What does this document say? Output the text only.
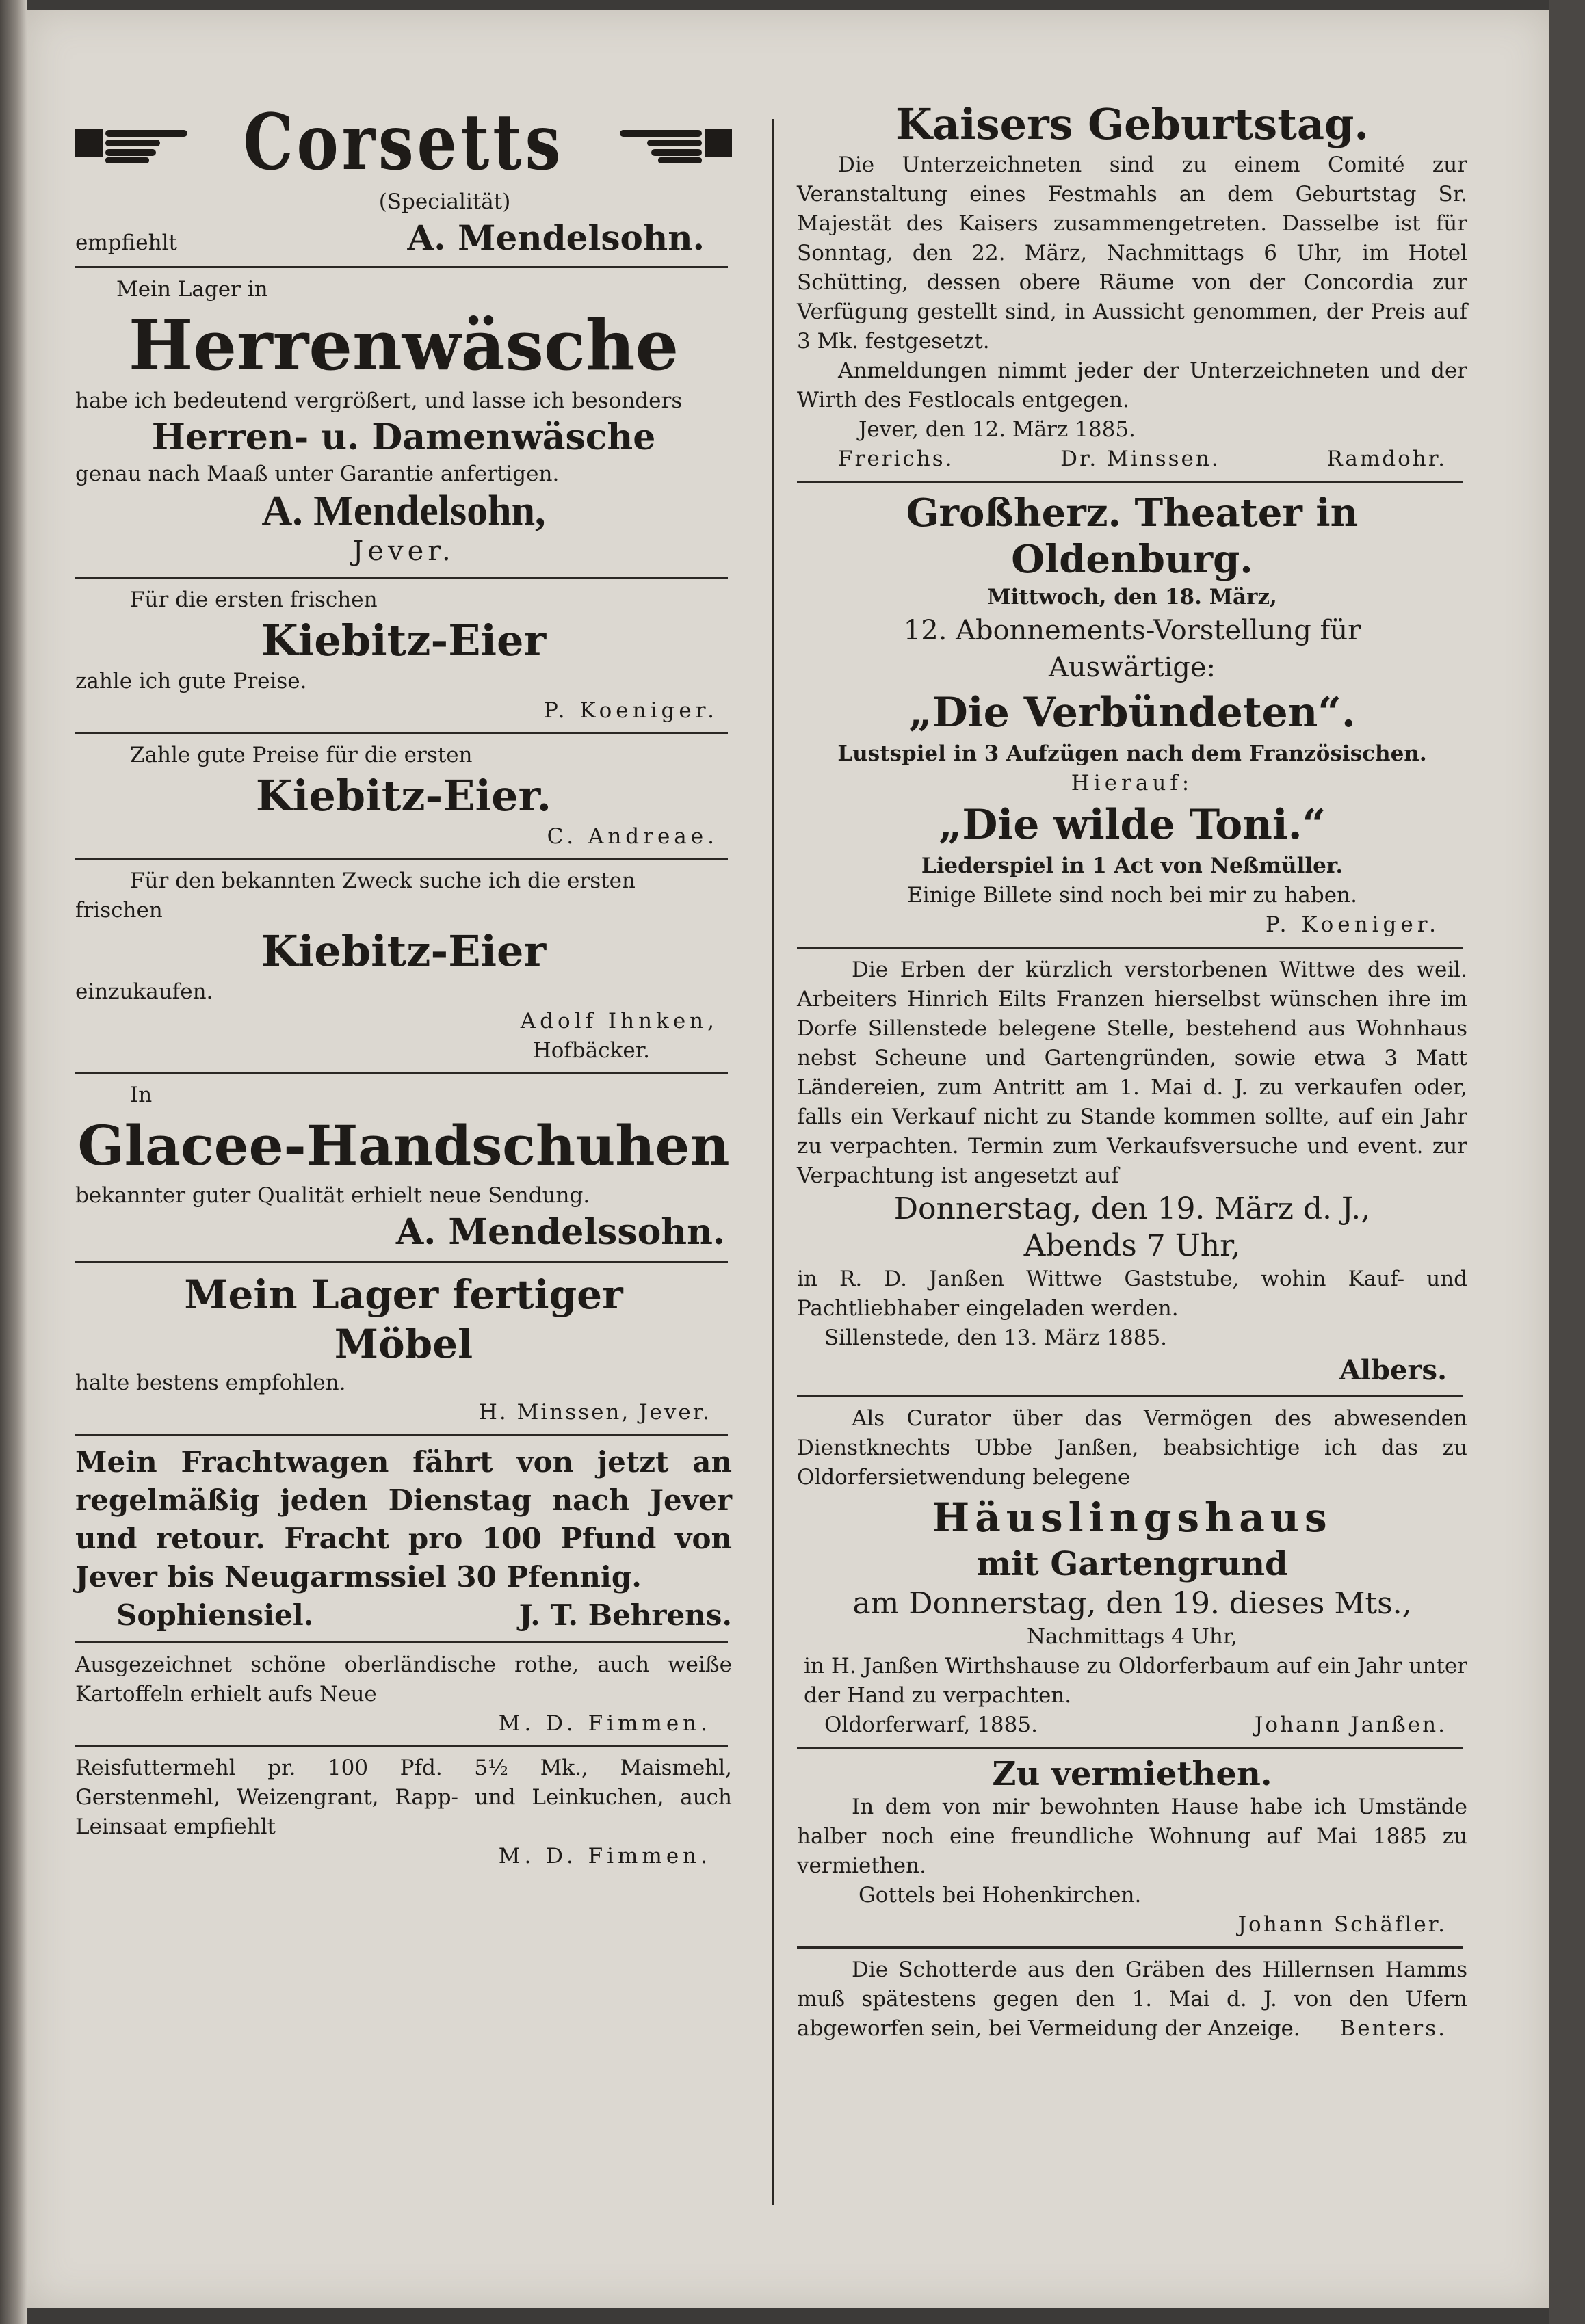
Corsetts

(Specialität)

empfiehlt	A. Mendelsohn.

Mein Lager in

Herrenwäsche

habe ich bedeutend vergrößert, und lasse ich besonders

Herren- u. Damenwäsche

genau nach Maaß unter Garantie anfertigen.

A. Mendelsohn,
Jever.

Für die ersten frischen

Kiebitz-Eier

zahle ich gute Preise.

P. Koeniger.

Zahle gute Preise für die ersten

Kiebitz-Eier.

C. Andreae.

Für den bekannten Zweck suche ich die ersten

frischen

Kiebitz-Eier

einzukaufen.

Adolf Ihnken,

Hofbäcker.

In

Glacee-Handschuhen

bekannter guter Qualität erhielt neue Sendung.

A. Mendelssohn.
Mein Lager fertiger
Möbel

halte bestens empfohlen.

H. Minssen, Jever.

Mein Frachtwagen fährt von jetzt an regelmäßig jeden Dienstag nach Jever und retour. Fracht pro 100 Pfund von Jever bis Neugarmssiel 30 Pfennig.

Sophiensiel.	J. T. Behrens.

Ausgezeichnet schöne oberländische rothe, auch weiße Kartoffeln erhielt aufs Neue

M. D. Fimmen.

Reisfuttermehl pr. 100 Pfd. 5½ Mk., Maismehl, Gerstenmehl, Weizengrant, Rapp- und Leinkuchen, auch Leinsaat empfiehlt

M. D. Fimmen.

Kaisers Geburtstag.

Die Unterzeichneten sind zu einem Comité zur Veranstaltung eines Festmahls an dem Geburtstag Sr. Majestät des Kaisers zusammengetreten. Dasselbe ist für Sonntag, den 22. März, Nachmittags 6 Uhr, im Hotel Schütting, dessen obere Räume von der Concordia zur Verfügung gestellt sind, in Aussicht genommen, der Preis auf 3 Mk. festgesetzt.

Anmeldungen nimmt jeder der Unterzeichneten und der Wirth des Festlocals entgegen.

Jever, den 12. März 1885.

Frerichs.	Dr. Minssen.	Ramdohr.
Großherz. Theater in Oldenburg.

Mittwoch, den 18. März,

12. Abonnements-Vorstellung für
Auswärtige:
„Die Verbündeten“.

Lustspiel in 3 Aufzügen nach dem Französischen.

Hierauf:

„Die wilde Toni.“

Liederspiel in 1 Act von Neßmüller.

Einige Billete sind noch bei mir zu haben.

P. Koeniger.

Die Erben der kürzlich verstorbenen Wittwe des weil. Arbeiters Hinrich Eilts Franzen hierselbst wünschen ihre im Dorfe Sillenstede belegene Stelle, bestehend aus Wohnhaus nebst Scheune und Gartengründen, sowie etwa 3 Matt Ländereien, zum Antritt am 1. Mai d. J. zu verkaufen oder, falls ein Verkauf nicht zu Stande kommen sollte, auf ein Jahr zu verpachten. Termin zum Verkaufsversuche und event. zur Verpachtung ist angesetzt auf

Donnerstag, den 19. März d. J.,
Abends 7 Uhr,

in R. D. Janßen Wittwe Gaststube, wohin Kauf- und Pachtliebhaber eingeladen werden.

Sillenstede, den 13. März 1885.

Albers.

Als Curator über das Vermögen des abwesenden Dienstknechts Ubbe Janßen, beabsichtige ich das zu Oldorfersietwendung belegene

Häuslingshaus
mit Gartengrund
am Donnerstag, den 19. dieses Mts.,

Nachmittags 4 Uhr,

in H. Janßen Wirthshause zu Oldorferbaum auf ein Jahr unter der Hand zu verpachten.

Oldorferwarf, 1885.	Johann Janßen.
Zu vermiethen.

In dem von mir bewohnten Hause habe ich Umstände halber noch eine freundliche Wohnung auf Mai 1885 zu vermiethen.

Gottels bei Hohenkirchen.

Johann Schäfler.

Die Schotterde aus den Gräben des Hillernsen Hamms muß spätestens gegen den 1. Mai d. J. von den Ufern abgeworfen sein, bei Vermeidung der Anzeige.	Benters.
